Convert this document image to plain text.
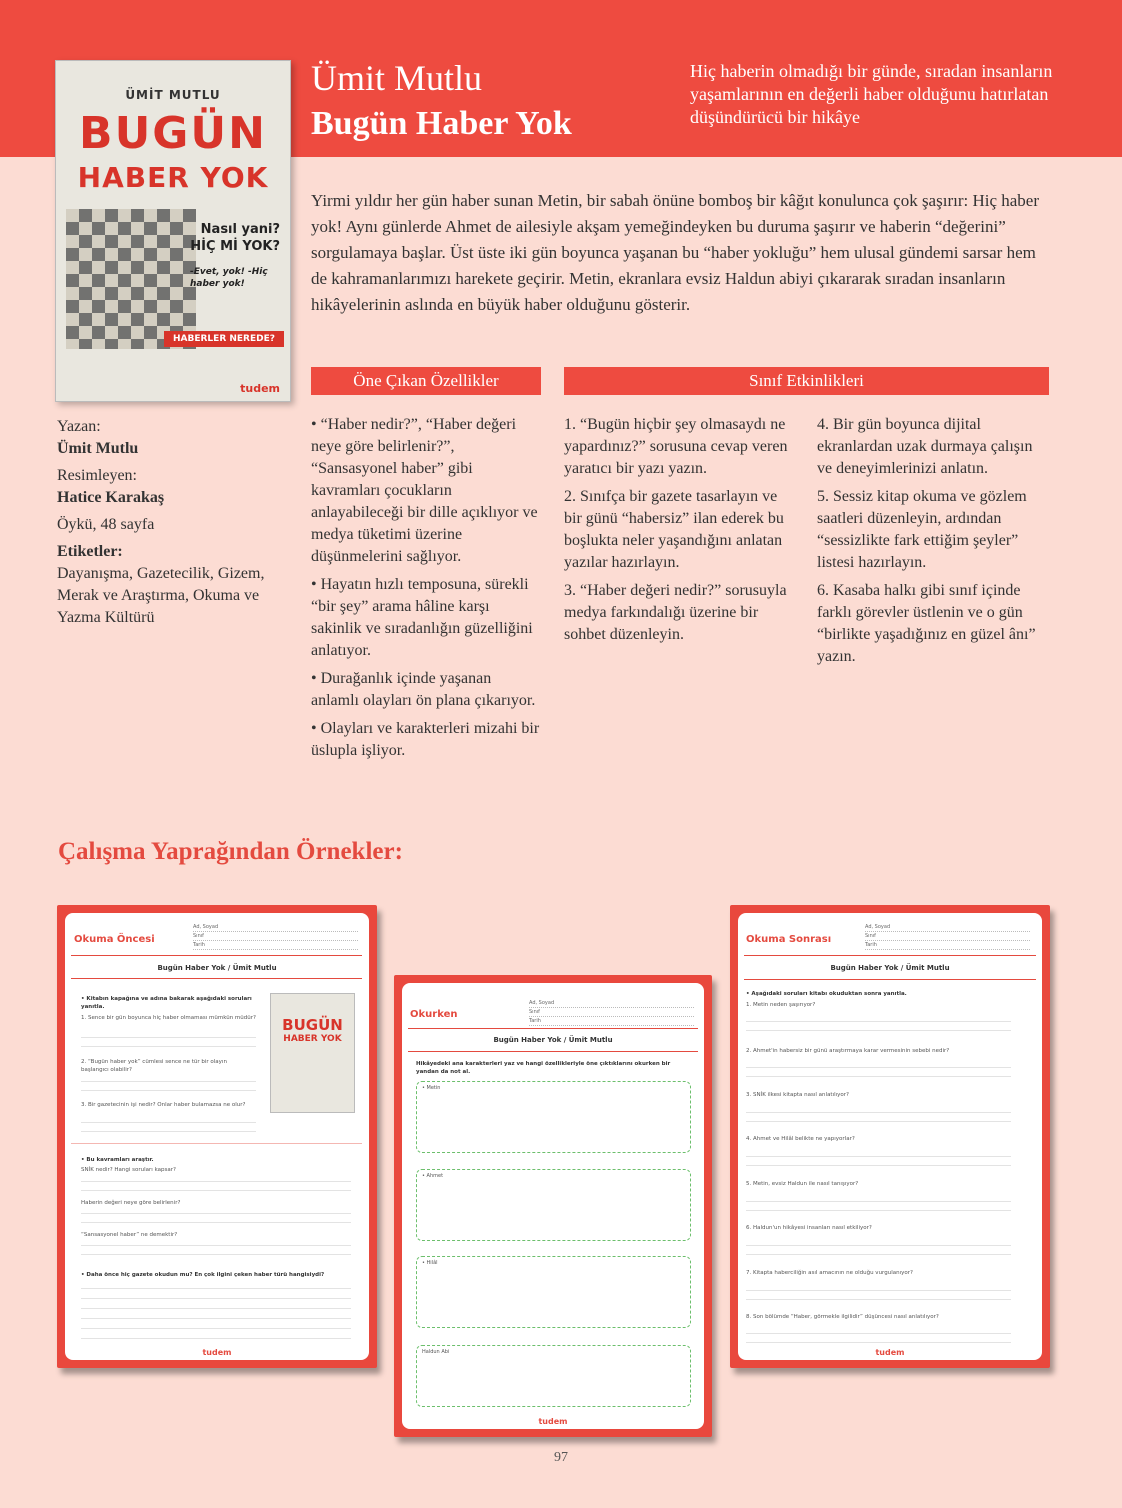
Ümit Mutlu
Bugün Haber Yok
Hiç haberin olmadığı bir günde, sıradan insanların yaşamlarının en değerli haber olduğunu hatırlatan düşündürücü bir hikâye
ÜMİT MUTLU
BUGÜN
HABER YOK
Nasıl yani? HİÇ Mİ YOK?
-Evet, yok! -Hiç haber yok!
HABERLER NEREDE?
tudem
Yirmi yıldır her gün haber sunan Metin, bir sabah önüne bomboş bir kâğıt konulunca çok şaşırır: Hiç haber yok! Aynı günlerde Ahmet de ailesiyle akşam yemeğindeyken bu duruma şaşırır ve haberin “değerini” sorgulamaya başlar. Üst üste iki gün boyunca yaşanan bu “haber yokluğu” hem ulusal gündemi sarsar hem de kahramanlarımızı harekete geçirir. Metin, ekranlara evsiz Haldun abiyi çıkararak sıradan insanların hikâyelerinin aslında en büyük haber olduğunu gösterir.
Yazan:
Ümit Mutlu
Resimleyen:
Hatice Karakaş
Öykü, 48 sayfa
Etiketler:
Dayanışma, Gazetecilik, Gizem, Merak ve Araştırma, Okuma ve Yazma Kültürü
Öne Çıkan Özellikler	Sınıf Etkinlikleri

• “Haber nedir?”, “Haber değeri neye göre belirlenir?”, “Sansasyonel haber” gibi kavramları çocukların anlayabileceği bir dille açıklıyor ve medya tüketimi üzerine düşünmelerini sağlıyor.

• Hayatın hızlı temposuna, sürekli “bir şey” arama hâline karşı sakinlik ve sıradanlığın güzelliğini anlatıyor.

• Durağanlık içinde yaşanan anlamlı olayları ön plana çıkarıyor.

• Olayları ve karakterleri mizahi bir üslupla işliyor.

1. “Bugün hiçbir şey olmasaydı ne yapardınız?” sorusuna cevap veren yaratıcı bir yazı yazın.

2. Sınıfça bir gazete tasarlayın ve bir günü “habersiz” ilan ederek bu boşlukta neler yaşandığını anlatan yazılar hazırlayın.

3. “Haber değeri nedir?” sorusuyla medya farkındalığı üzerine bir sohbet düzenleyin.

4. Bir gün boyunca dijital ekranlardan uzak durmaya çalışın ve deneyimlerinizi anlatın.

5. Sessiz kitap okuma ve gözlem saatleri düzenleyin, ardından “sessizlikte fark ettiğim şeyler” listesi hazırlayın.

6. Kasaba halkı gibi sınıf içinde farklı görevler üstlenin ve o gün “birlikte yaşadığınız en güzel ânı” yazın.

Çalışma Yaprağından Örnekler:
Okuma Öncesi
Ad, Soyad
Sınıf
Tarih
Bugün Haber Yok / Ümit Mutlu
• Kitabın kapağına ve adına bakarak aşağıdaki soruları yanıtla.
1. Sence bir gün boyunca hiç haber olmaması mümkün müdür?
2. “Bugün haber yok” cümlesi sence ne tür bir olayın başlangıcı olabilir?
3. Bir gazetecinin işi nedir? Onlar haber bulamazsa ne olur?
BUGÜN
HABER YOK
• Bu kavramları araştır.
SNİK nedir? Hangi soruları kapsar?
Haberin değeri neye göre belirlenir?
“Sansasyonel haber” ne demektir?
• Daha önce hiç gazete okudun mu? En çok ilgini çeken haber türü hangisiydi?
tudem
Okurken
Ad, Soyad
Sınıf
Tarih
Bugün Haber Yok / Ümit Mutlu
Hikâyedeki ana karakterleri yaz ve hangi özellikleriyle öne çıktıklarını okurken bir yandan da not al.
• Metin
• Ahmet
• Hilâl
Haldun Abi
tudem
Okuma Sonrası
Ad, Soyad
Sınıf
Tarih
Bugün Haber Yok / Ümit Mutlu
• Aşağıdaki soruları kitabı okuduktan sonra yanıtla.
1. Metin neden şaşırıyor?
2. Ahmet'in habersiz bir günü araştırmaya karar vermesinin sebebi nedir?
3. SNİK ilkesi kitapta nasıl anlatılıyor?
4. Ahmet ve Hilâl belikte ne yapıyorlar?
5. Metin, evsiz Haldun ile nasıl tanışıyor?
6. Haldun'un hikâyesi insanları nasıl etkiliyor?
7. Kitapta haberciliğin asıl amacının ne olduğu vurgulanıyor?
8. Son bölümde “Haber, görmekle ilgilidir” düşüncesi nasıl anlatılıyor?
tudem
97
